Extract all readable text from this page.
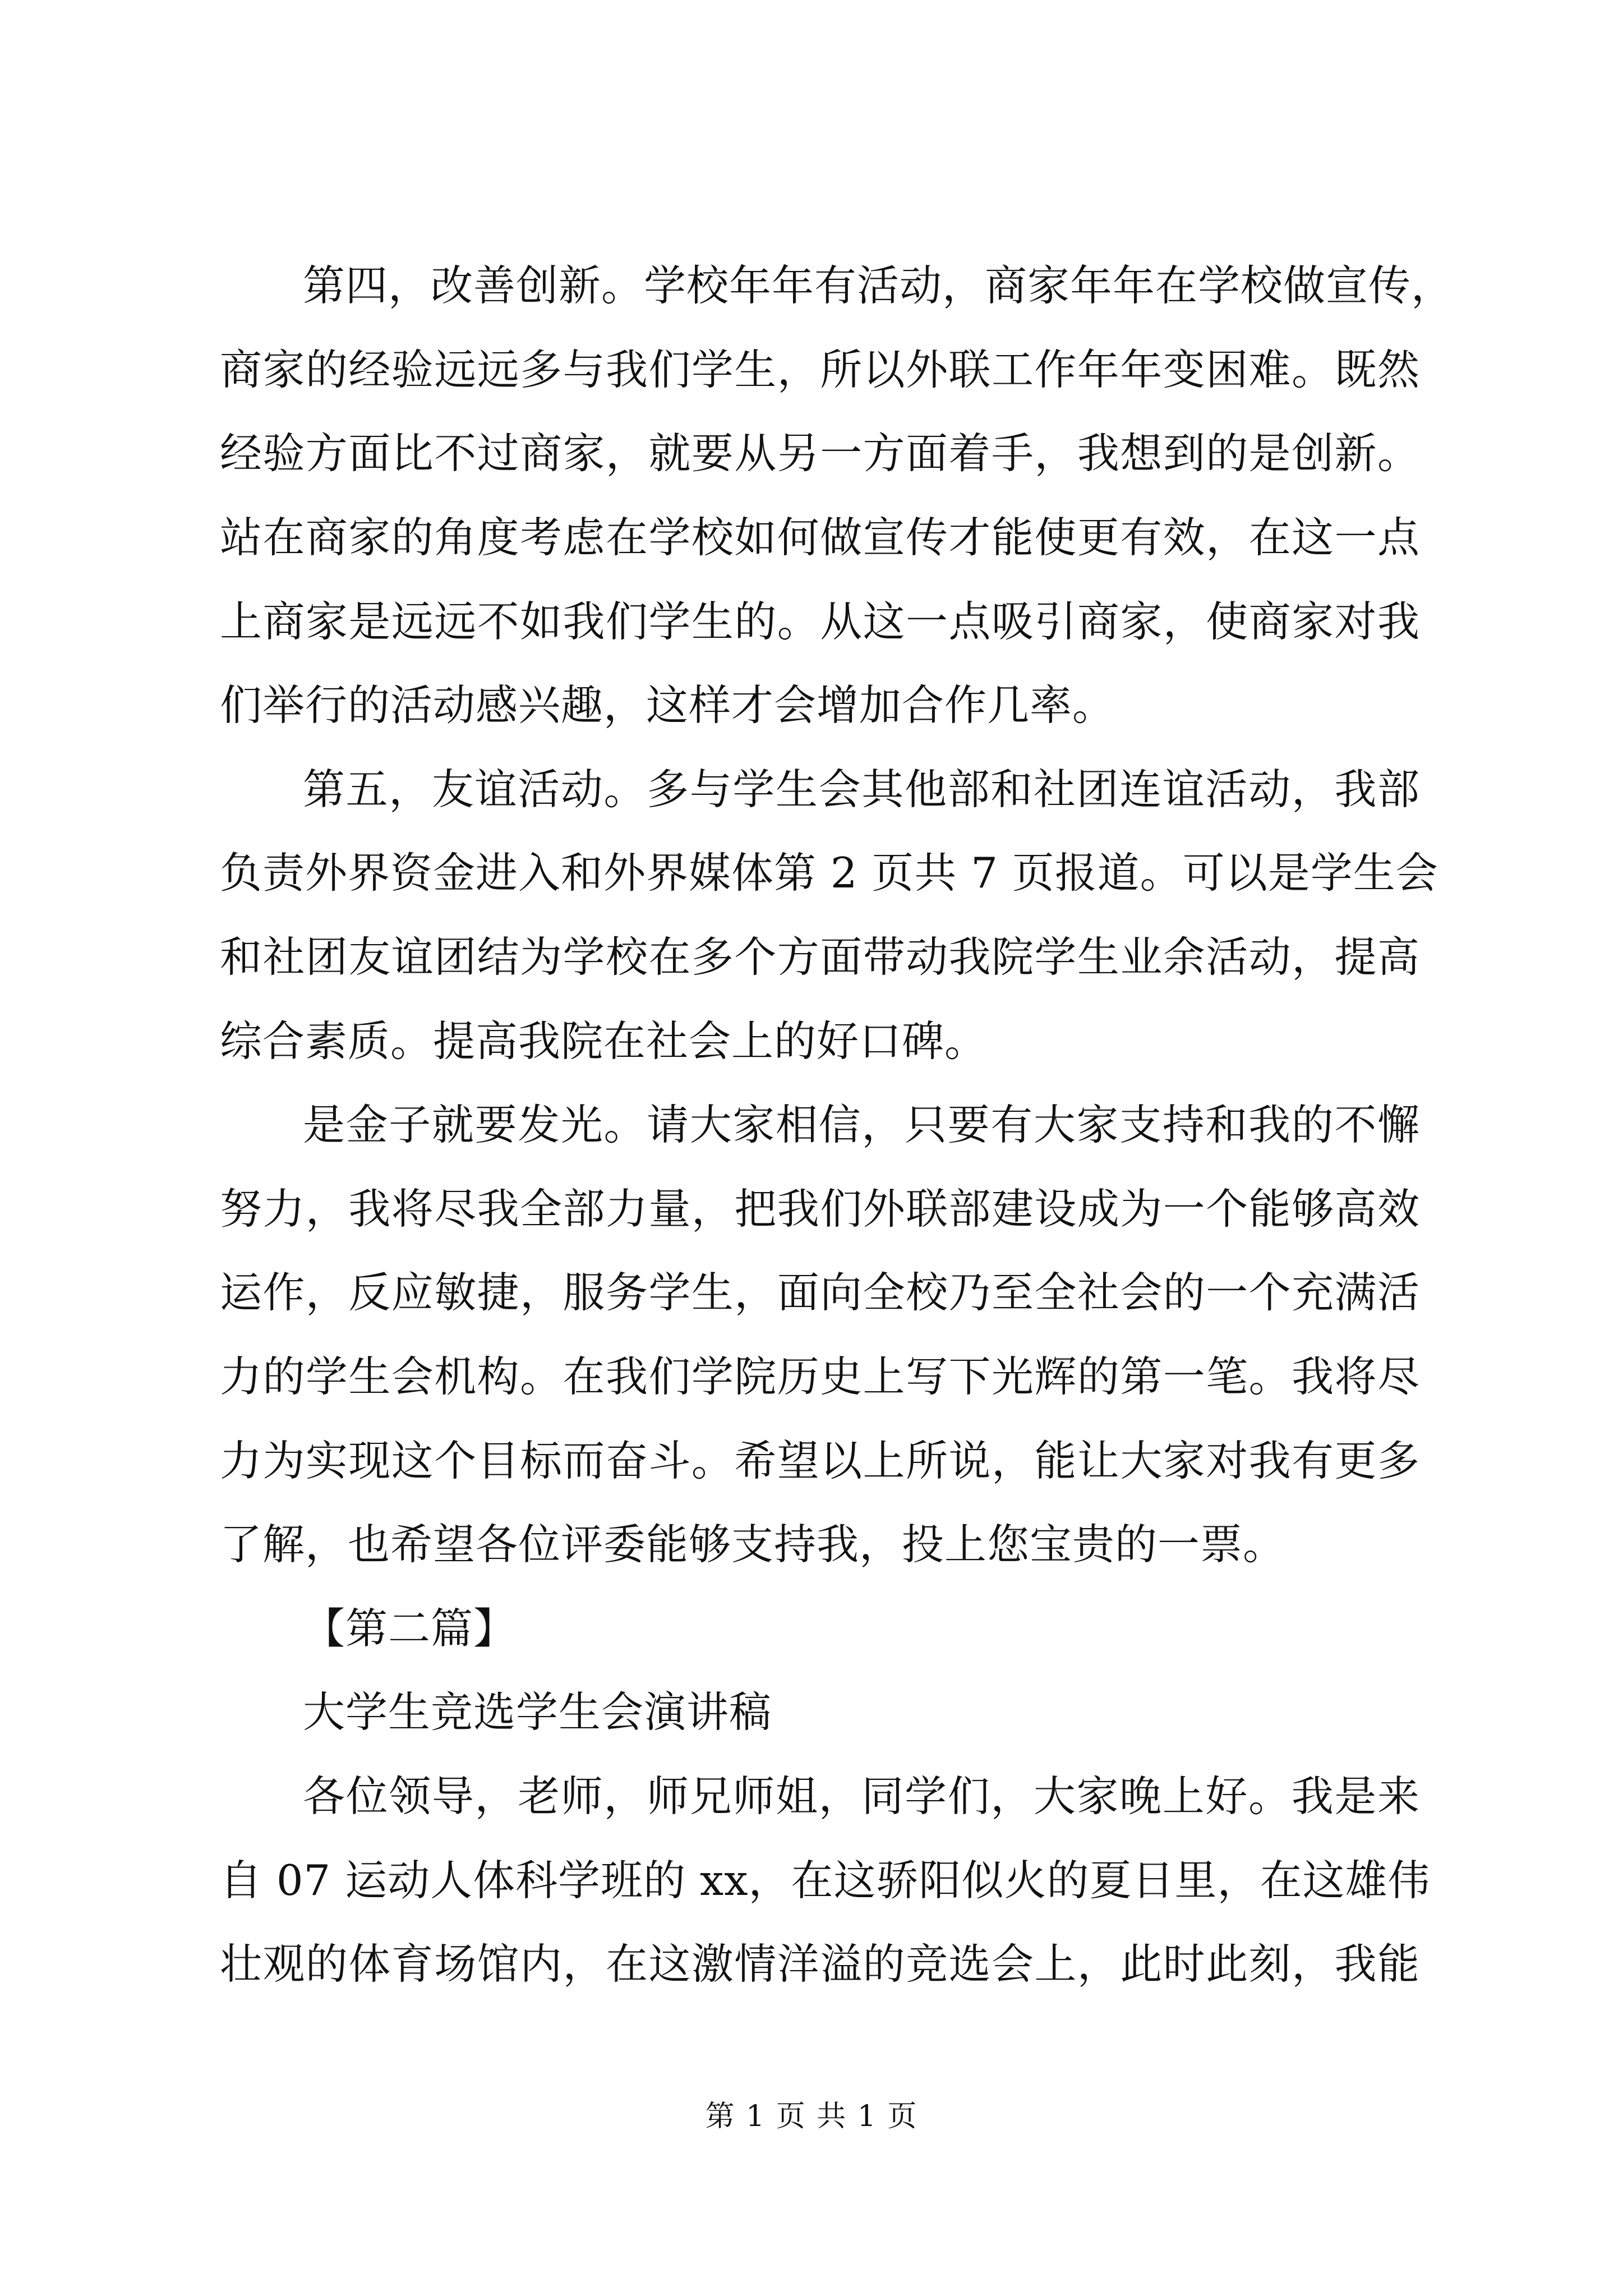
第四，改善创新。学校年年有活动，商家年年在学校做宣传，
商家的经验远远多与我们学生，所以外联工作年年变困难。既然
经验方面比不过商家，就要从另一方面着手，我想到的是创新。
站在商家的角度考虑在学校如何做宣传才能使更有效，在这一点
上商家是远远不如我们学生的。从这一点吸引商家，使商家对我
们举行的活动感兴趣，这样才会增加合作几率。
第五，友谊活动。多与学生会其他部和社团连谊活动，我部
负责外界资金进入和外界媒体第 2 页共 7 页报道。可以是学生会
和社团友谊团结为学校在多个方面带动我院学生业余活动，提高
综合素质。提高我院在社会上的好口碑。
是金子就要发光。请大家相信，只要有大家支持和我的不懈
努力，我将尽我全部力量，把我们外联部建设成为一个能够高效
运作，反应敏捷，服务学生，面向全校乃至全社会的一个充满活
力的学生会机构。在我们学院历史上写下光辉的第一笔。我将尽
力为实现这个目标而奋斗。希望以上所说，能让大家对我有更多
了解，也希望各位评委能够支持我，投上您宝贵的一票。
【第二篇】
大学生竞选学生会演讲稿
各位领导，老师，师兄师姐，同学们，大家晚上好。我是来
自 07 运动人体科学班的 xx，在这骄阳似火的夏日里，在这雄伟
壮观的体育场馆内，在这激情洋溢的竞选会上，此时此刻，我能
第 1 页 共 1 页
